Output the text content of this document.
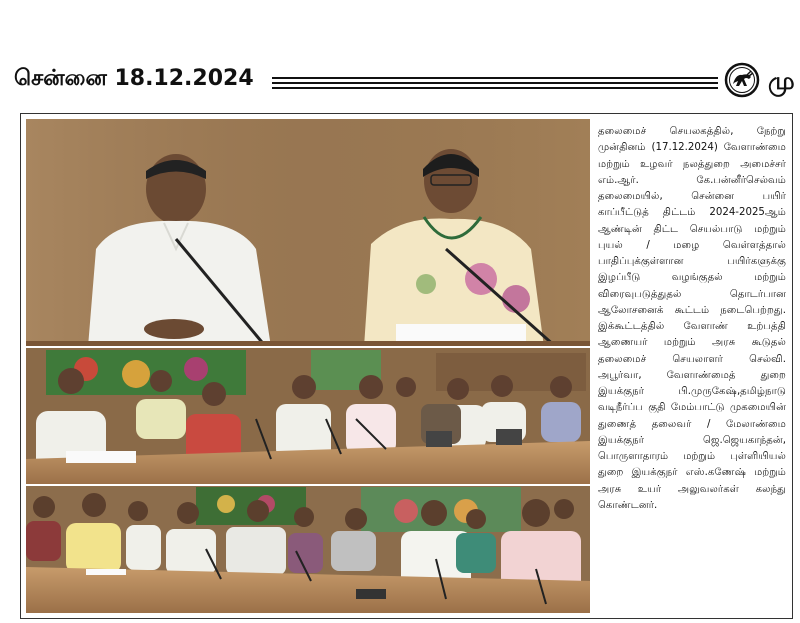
சென்னை 18.12.2024	மு
தலைமைச் செயலகத்தில், நேற்று முன்தினம் (17.12.2024) வேளாண்மை மற்றும் உழவர் நலத்துறை அமைச்சர் எம்.ஆர். கே.பன்னீர்செல்வம் தலைமையில், சென்னை பயிர் காப்பீட்டுத் திட்டம் 2024-2025ஆம் ஆண்டின் திட்ட செயல்பாடு மற்றும் புயல் / மழை வெள்ளத்தால் பாதிப்புக்குள்ளான பயிர்களுக்கு இழப்பீடு வழங்குதல் மற்றும் விரைவுபடுத்துதல் தொடர்பான ஆலோசனைக் கூட்டம் நடைபெற்றது. இக்கூட்டத்தில் வேளாண் உற்பத்தி ஆணையர் மற்றும் அரசு கூடுதல் தலைமைச் செயலாளர் செல்வி. அபூர்வா, வேளாண்மைத் துறை இயக்குநர் பி.முருகேஷ்,தமிழ்நாடு வடிநீர்ப்ப குதி மேம்பாட்டு முகமையின் துணைத் தலைவர் / மேலாண்மை இயக்குநர் ஜெ.ஜெயகாந்தன், பொருளாதாரம் மற்றும் புள்ளியியல் துறை இயக்குநர் எஸ்.கணேஷ் மற்றும் அரசு உயர் அலுவலர்கள் கலந்து கொண்டனர்.
